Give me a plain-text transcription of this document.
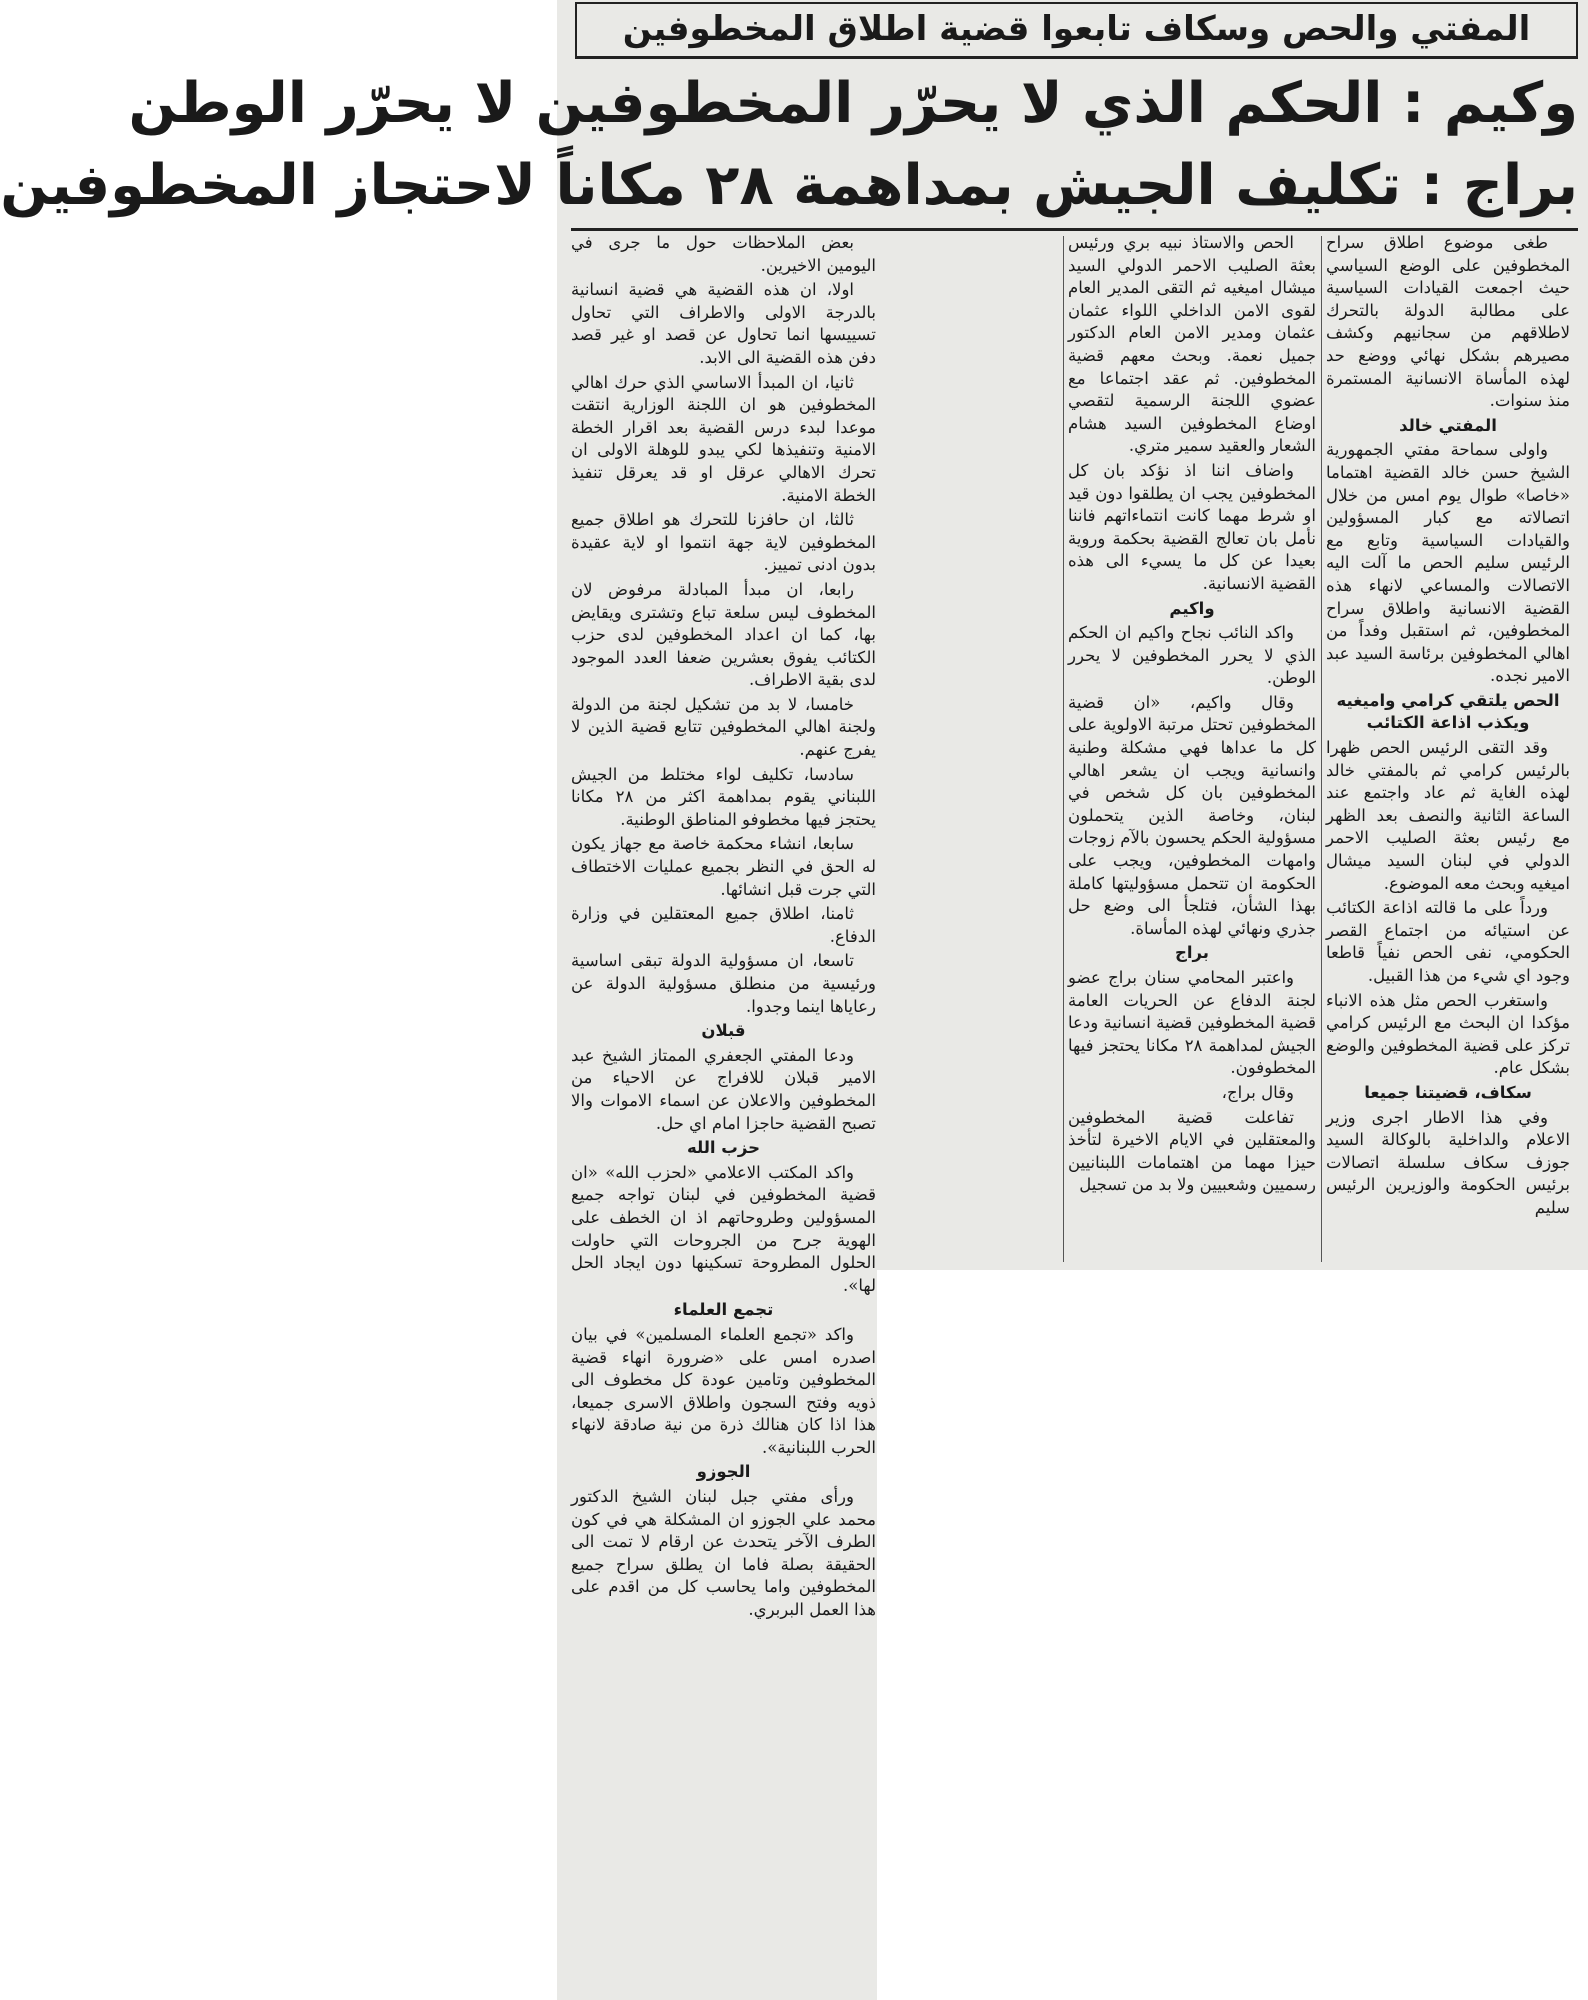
المفتي والحص وسكاف تابعوا قضية اطلاق المخطوفين
وكيم : الحكم الذي لا يحرّر المخطوفين لا يحرّر الوطن
براج : تكليف الجيش بمداهمة ٢٨ مكاناً لاحتجاز المخطوفين

طغى موضوع اطلاق سراح المخطوفين على الوضع السياسي حيث اجمعت القيادات السياسية على مطالبة الدولة بالتحرك لاطلاقهم من سجانيهم وكشف مصيرهم بشكل نهائي ووضع حد لهذه المأساة الانسانية المستمرة منذ سنوات.

المفتي خالد

واولى سماحة مفتي الجمهورية الشيخ حسن خالد القضية اهتماما «خاصا» طوال يوم امس من خلال اتصالاته مع كبار المسؤولين والقيادات السياسية وتابع مع الرئيس سليم الحص ما آلت اليه الاتصالات والمساعي لانهاء هذه القضية الانسانية واطلاق سراح المخطوفين، ثم استقبل وفداً من اهالي المخطوفين برئاسة السيد عبد الامير نجده.

الحص يلتقي كرامي واميغيه ويكذب اذاعة الكتائب

وقد التقى الرئيس الحص ظهرا بالرئيس كرامي ثم بالمفتي خالد لهذه الغاية ثم عاد واجتمع عند الساعة الثانية والنصف بعد الظهر مع رئيس بعثة الصليب الاحمر الدولي في لبنان السيد ميشال اميغيه وبحث معه الموضوع.

ورداً على ما قالته اذاعة الكتائب عن استيائه من اجتماع القصر الحكومي، نفى الحص نفياً قاطعا وجود اي شيء من هذا القبيل.

واستغرب الحص مثل هذه الانباء مؤكدا ان البحث مع الرئيس كرامي تركز على قضية المخطوفين والوضع بشكل عام.

سكاف، قضيتنا جميعا

وفي هذا الاطار اجرى وزير الاعلام والداخلية بالوكالة السيد جوزف سكاف سلسلة اتصالات برئيس الحكومة والوزيرين الرئيس سليم

الحص والاستاذ نبيه بري ورئيس بعثة الصليب الاحمر الدولي السيد ميشال اميغيه ثم التقى المدير العام لقوى الامن الداخلي اللواء عثمان عثمان ومدير الامن العام الدكتور جميل نعمة. وبحث معهم قضية المخطوفين. ثم عقد اجتماعا مع عضوي اللجنة الرسمية لتقصي اوضاع المخطوفين السيد هشام الشعار والعقيد سمير متري.

واضاف اننا اذ نؤكد بان كل المخطوفين يجب ان يطلقوا دون قيد او شرط مهما كانت انتماءاتهم فاننا نأمل بان تعالج القضية بحكمة وروية بعيدا عن كل ما يسيء الى هذه القضية الانسانية.

واكيم

واكد النائب نجاح واكيم ان الحكم الذي لا يحرر المخطوفين لا يحرر الوطن.

وقال واكيم، «ان قضية المخطوفين تحتل مرتبة الاولوية على كل ما عداها فهي مشكلة وطنية وانسانية ويجب ان يشعر اهالي المخطوفين بان كل شخص في لبنان، وخاصة الذين يتحملون مسؤولية الحكم يحسون بالآم زوجات وامهات المخطوفين، ويجب على الحكومة ان تتحمل مسؤوليتها كاملة بهذا الشأن، فتلجأ الى وضع حل جذري ونهائي لهذه المأساة.

براج

واعتبر المحامي سنان براج عضو لجنة الدفاع عن الحريات العامة قضية المخطوفين قضية انسانية ودعا الجيش لمداهمة ٢٨ مكانا يحتجز فيها المخطوفون.

وقال براج،

تفاعلت قضية المخطوفين والمعتقلين في الايام الاخيرة لتأخذ حيزا مهما من اهتمامات اللبنانيين رسميين وشعبيين ولا بد من تسجيل

بعض الملاحظات حول ما جرى في اليومين الاخيرين.

اولا، ان هذه القضية هي قضية انسانية بالدرجة الاولى والاطراف التي تحاول تسييسها انما تحاول عن قصد او غير قصد دفن هذه القضية الى الابد.

ثانيا، ان المبدأ الاساسي الذي حرك اهالي المخطوفين هو ان اللجنة الوزارية انتقت موعدا لبدء درس القضية بعد اقرار الخطة الامنية وتنفيذها لكي يبدو للوهلة الاولى ان تحرك الاهالي عرقل او قد يعرقل تنفيذ الخطة الامنية.

ثالثا، ان حافزنا للتحرك هو اطلاق جميع المخطوفين لاية جهة انتموا او لاية عقيدة بدون ادنى تمييز.

رابعا، ان مبدأ المبادلة مرفوض لان المخطوف ليس سلعة تباع وتشترى ويقايض بها، كما ان اعداد المخطوفين لدى حزب الكتائب يفوق بعشرين ضعفا العدد الموجود لدى بقية الاطراف.

خامسا، لا بد من تشكيل لجنة من الدولة ولجنة اهالي المخطوفين تتابع قضية الذين لا يفرج عنهم.

سادسا، تكليف لواء مختلط من الجيش اللبناني يقوم بمداهمة اكثر من ٢٨ مكانا يحتجز فيها مخطوفو المناطق الوطنية.

سابعا، انشاء محكمة خاصة مع جهاز يكون له الحق في النظر بجميع عمليات الاختطاف التي جرت قبل انشائها.

ثامنا، اطلاق جميع المعتقلين في وزارة الدفاع.

تاسعا، ان مسؤولية الدولة تبقى اساسية ورئيسية من منطلق مسؤولية الدولة عن رعاياها اينما وجدوا.

قبلان

ودعا المفتي الجعفري الممتاز الشيخ عبد الامير قبلان للافراج عن الاحياء من المخطوفين والاعلان عن اسماء الاموات والا تصبح القضية حاجزا امام اي حل.

حزب الله

واكد المكتب الاعلامي «لحزب الله» «ان قضية المخطوفين في لبنان تواجه جميع المسؤولين وطروحاتهم اذ ان الخطف على الهوية جرح من الجروحات التي حاولت الحلول المطروحة تسكينها دون ايجاد الحل لها».

تجمع العلماء

واكد «تجمع العلماء المسلمين» في بيان اصدره امس على «ضرورة انهاء قضية المخطوفين وتامين عودة كل مخطوف الى ذويه وفتح السجون واطلاق الاسرى جميعا، هذا اذا كان هنالك ذرة من نية صادقة لانهاء الحرب اللبنانية».

الجوزو

ورأى مفتي جبل لبنان الشيخ الدكتور محمد علي الجوزو ان المشكلة هي في كون الطرف الآخر يتحدث عن ارقام لا تمت الى الحقيقة بصلة فاما ان يطلق سراح جميع المخطوفين واما يحاسب كل من اقدم على هذا العمل البربري.
